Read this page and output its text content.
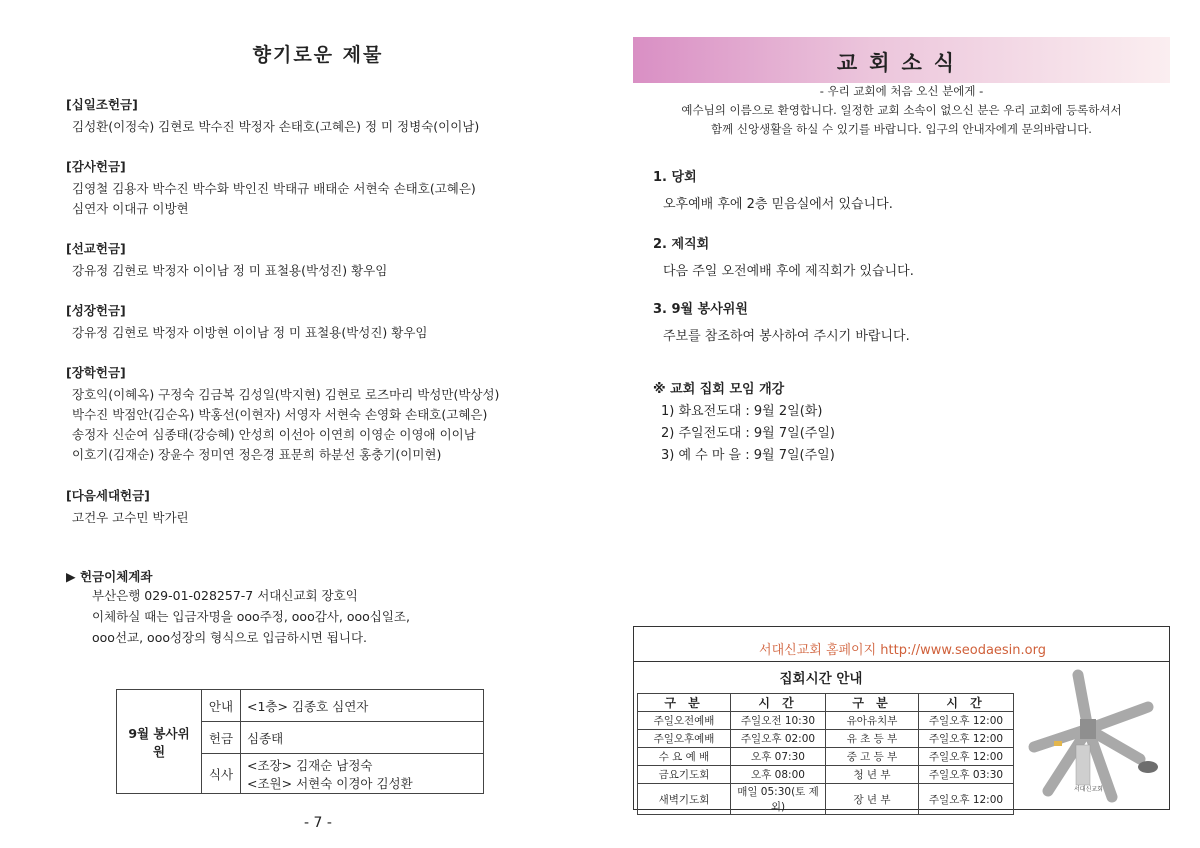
향기로운 제물
[십일조헌금]
김성환(이정숙) 김현로 박수진 박정자 손태호(고혜은) 정 미 정병숙(이이남)
[감사헌금]
김영철 김용자 박수진 박수화 박인진 박태규 배태순 서현숙 손태호(고혜은)
심연자 이대규 이방현
[선교헌금]
강유정 김현로 박정자 이이남 정 미 표철용(박성진) 황우임
[성장헌금]
강유정 김현로 박정자 이방현 이이남 정 미 표철용(박성진) 황우임
[장학헌금]
장호익(이혜옥) 구정숙 김금복 김성일(박지현) 김현로 로즈마리 박성만(박상성)
박수진 박점안(김순옥) 박홍선(이현자) 서영자 서현숙 손영화 손태호(고혜은)
송정자 신순여 심종태(강승혜) 안성희 이선아 이연희 이영순 이영애 이이남
이호기(김재순) 장윤수 정미연 정은경 표문희 하분선 홍충기(이미현)
[다음세대헌금]
고건우 고수민 박가린
▶ 헌금이체계좌
부산은행 029-01-028257-7 서대신교회 장호익
이체하실 때는 입금자명을 ooo주정, ooo감사, ooo십일조,
ooo선교, ooo성장의 형식으로 입금하시면 됩니다.
9월 봉사위원	안내	<1층> 김종호 심연자
	헌금	심종태
	식사	<조장> 김재순 남정숙
<조원> 서현숙 이경아 김성환
- 7 -
교회소식
- 우리 교회에 처음 오신 분에게 -
예수님의 이름으로 환영합니다. 일정한 교회 소속이 없으신 분은 우리 교회에 등록하셔서
함께 신앙생활을 하실 수 있기를 바랍니다. 입구의 안내자에게 문의바랍니다.
1. 당회
오후예배 후에 2층 믿음실에서 있습니다.
2. 제직회
다음 주일 오전예배 후에 제직회가 있습니다.
3. 9월 봉사위원
주보를 참조하여 봉사하여 주시기 바랍니다.
※ 교회 집회 모임 개강
1) 화요전도대 : 9월 2일(화)
2) 주일전도대 : 9월 7일(주일)
3) 예 수 마 을 : 9월 7일(주일)
서대신교회 홈페이지 http://www.seodaesin.org
집회시간 안내
구 분	시 간	구 분	시 간
주일오전예배	주일오전 10:30	유아유치부	주일오후 12:00
주일오후예배	주일오후 02:00	유 초 등 부	주일오후 12:00
수 요 예 배	오후 07:30	중 고 등 부	주일오후 12:00
금요기도회	오후 08:00	청 년 부	주일오후 03:30
새벽기도회	매일 05:30(토 제외)	장 년 부	주일오후 12:00
서대신교회
